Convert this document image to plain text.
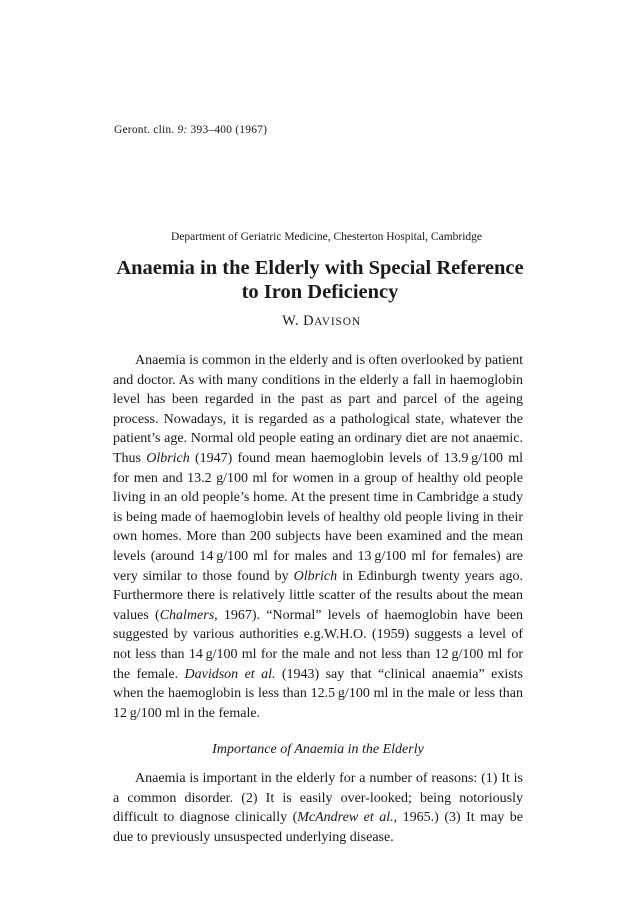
Geront. clin. 9: 393–400 (1967)
Department of Geriatric Medicine, Chesterton Hospital, Cambridge
Anaemia in the Elderly with Special Reference to Iron Deficiency
W. DAVISON

Anaemia is common in the elderly and is often overlooked by patient and doctor. As with many conditions in the elderly a fall in haemoglobin level has been regarded in the past as part and parcel of the ageing process. Nowadays, it is regarded as a pathological state, whatever the patient’s age. Normal old people eating an ordinary diet are not anaemic. Thus Olbrich (1947) found mean haemoglobin levels of 13.9 g/100 ml for men and 13.2 g/100 ml for women in a group of healthy old people living in an old people’s home. At the present time in Cambridge a study is being made of haemoglobin levels of healthy old people living in their own homes. More than 200 subjects have been examined and the mean levels (around 14 g/100 ml for males and 13 g/100 ml for females) are very similar to those found by Olbrich in Edinburgh twenty years ago. Furthermore there is relatively little scatter of the results about the mean values (Chalmers, 1967). “Normal” levels of haemoglobin have been suggested by various authorities e.g.W.H.O. (1959) suggests a level of not less than 14 g/100 ml for the male and not less than 12 g/100 ml for the female. Davidson et al. (1943) say that “clinical anaemia” exists when the haemoglobin is less than 12.5 g/100 ml in the male or less than 12 g/100 ml in the female.

Importance of Anaemia in the Elderly

Anaemia is important in the elderly for a number of reasons: (1) It is a common disorder. (2) It is easily over-looked; being notoriously difficult to diagnose clinically (McAndrew et al., 1965.) (3) It may be due to previously unsuspected underlying disease.
